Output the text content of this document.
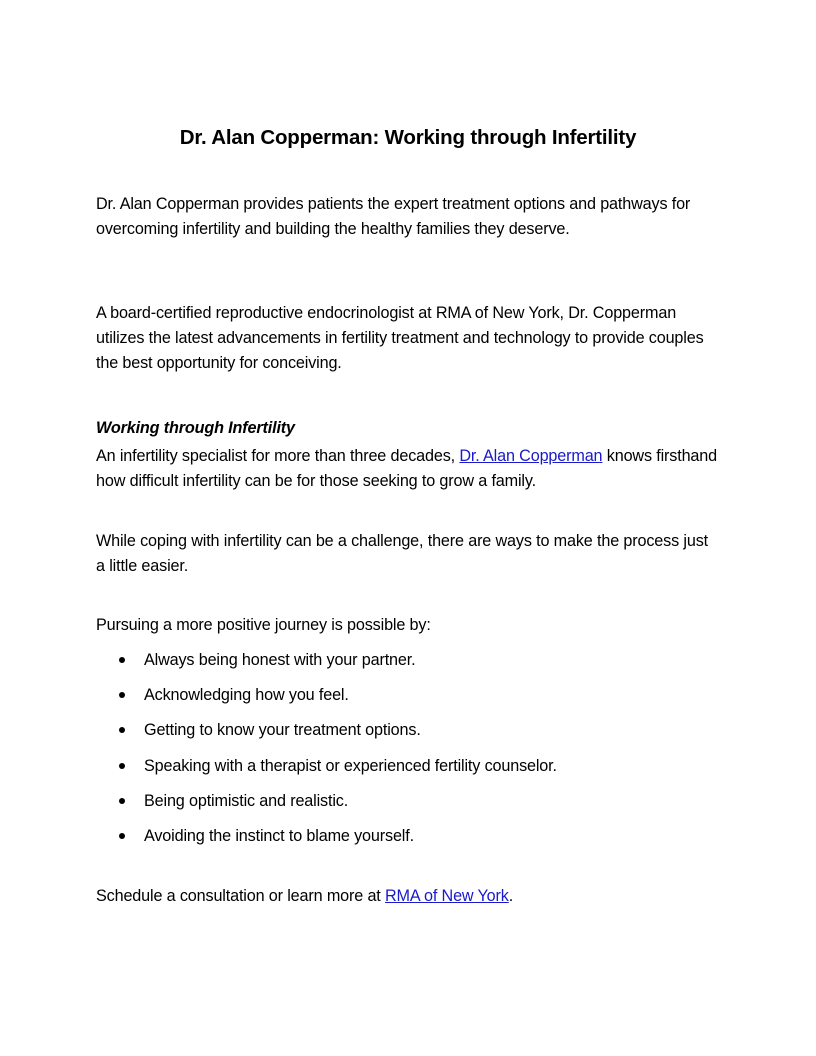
Dr. Alan Copperman: Working through Infertility

Dr. Alan Copperman provides patients the expert treatment options and pathways for overcoming infertility and building the healthy families they deserve.

A board-certified reproductive endocrinologist at RMA of New York, Dr. Copperman utilizes the latest advancements in fertility treatment and technology to provide couples the best opportunity for conceiving.

Working through Infertility

An infertility specialist for more than three decades, Dr. Alan Copperman knows firsthand how difficult infertility can be for those seeking to grow a family.

While coping with infertility can be a challenge, there are ways to make the process just a little easier.

Pursuing a more positive journey is possible by:

Always being honest with your partner.
Acknowledging how you feel.
Getting to know your treatment options.
Speaking with a therapist or experienced fertility counselor.
Being optimistic and realistic.
Avoiding the instinct to blame yourself.

Schedule a consultation or learn more at RMA of New York.
